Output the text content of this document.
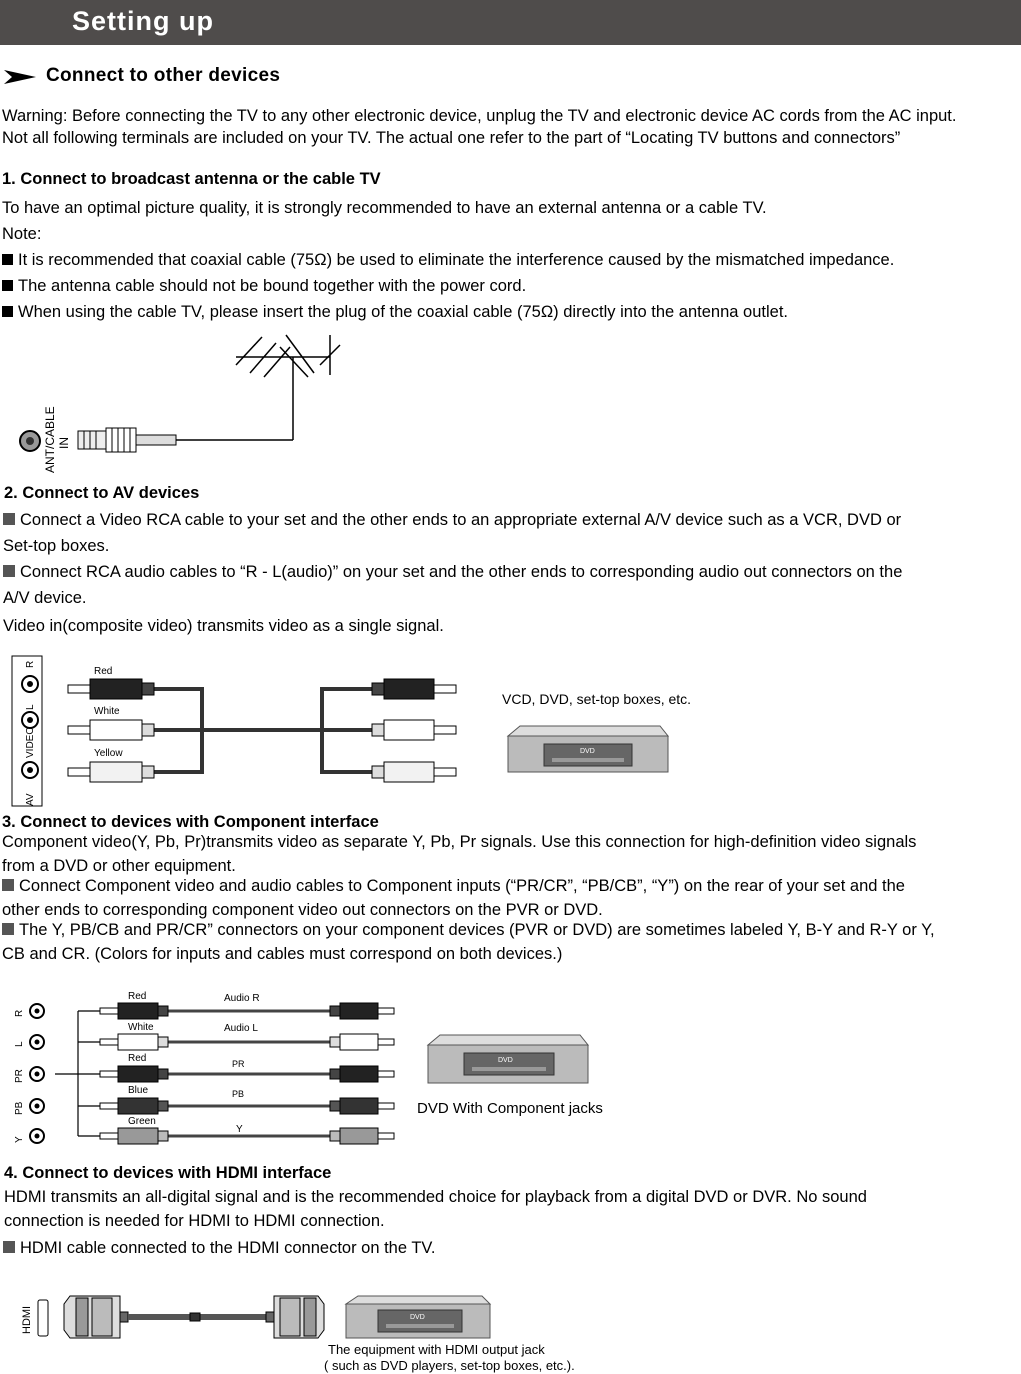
Setting up
Connect to other devices
Warning: Before connecting the TV to any other electronic device, unplug the TV and electronic device AC cords from the AC input.
Not all following terminals are included on your TV. The actual one refer to the part of “Locating TV buttons and connectors”
1. Connect to broadcast antenna or the cable TV
To have an optimal picture quality, it is strongly recommended to have an external antenna or a cable TV.
Note:
It is recommended that coaxial cable (75Ω) be used to eliminate the interference caused by the mismatched impedance.
The antenna cable should not be bound together with the power cord.
When using the cable TV, please insert the plug of the coaxial cable (75Ω) directly into the antenna outlet.
ANT/CABLE IN
2. Connect to AV devices
Connect a Video RCA cable to your set and the other ends to an appropriate external A/V device such as a VCR, DVD or
Set-top boxes.
Connect RCA audio cables to “R - L(audio)” on your set and the other ends to corresponding audio out connectors on the
A/V device.
Video in(composite video) transmits video as a single signal.
R
L
VIDEO
AV
Red
White
Yellow
VCD, DVD, set-top boxes, etc.
DVD
3. Connect to devices with Component interface
Component video(Y, Pb, Pr)transmits video as separate Y, Pb, Pr signals. Use this connection for high-definition video signals
from a DVD or other equipment.
Connect Component video and audio cables to Component inputs (“PR/CR”, “PB/CB”, “Y”) on the rear of your set and the
other ends to corresponding component video out connectors on the PVR or DVD.
The Y, PB/CB and PR/CR” connectors on your component devices (PVR or DVD) are sometimes labeled Y, B-Y and R-Y or Y,
CB and CR. (Colors for inputs and cables must correspond on both devices.)
R
L
PR
PB
Y
Red
White
Red
Blue
Green
Audio R
Audio L
PR
PB
Y
DVD
DVD With Component jacks
4. Connect to devices with HDMI interface
HDMI transmits an all-digital signal and is the recommended choice for playback from a digital DVD or DVR. No sound
connection is needed for HDMI to HDMI connection.
HDMI cable connected to the HDMI connector on the TV.
HDMI	DVD
The equipment with HDMI output jack
( such as DVD players, set-top boxes, etc.).
